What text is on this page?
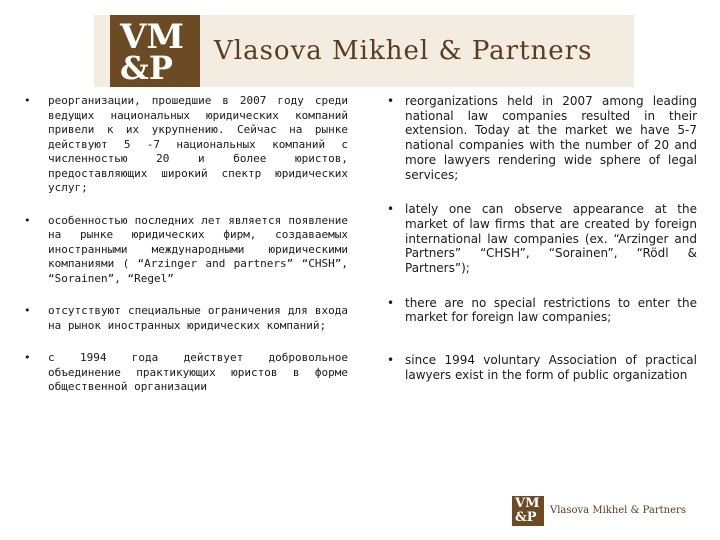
VM
&P Vlasova Mikhel & Partners
• реорганизации, прошедшие в 2007 году среди ведущих национальных юридических компаний привели к их укрупнению. Сейчас на рынке действуют 5 -7 национальных компаний с численностью 20 и более юристов, предоставляющих широкий спектр юридических услуг;
• особенностью последних лет является появление на рынке юридических фирм, создаваемых иностранными международными юридическими компаниями ( “Arzinger and partners” “CHSH”, “Sorainen”, “Regel”
• отсутствуют специальные ограничения для входа на рынок иностранных юридических компаний;
• с 1994 года действует добровольное объединение практикующих юристов в форме общественной организации
• reorganizations held in 2007 among leading national law companies resulted in their extension. Today at the market we have 5-7 national companies with the number of 20 and more lawyers rendering wide sphere of legal services;
• lately one can observe appearance at the market of law firms that are created by foreign international law companies (ex. “Arzinger and Partners” “CHSH”, “Sorainen”, “Rödl & Partners”);
• there are no special restrictions to enter the market for foreign law companies;
• since 1994 voluntary Association of practical lawyers exist in the form of public organization
VM
&P Vlasova Mikhel & Partners
